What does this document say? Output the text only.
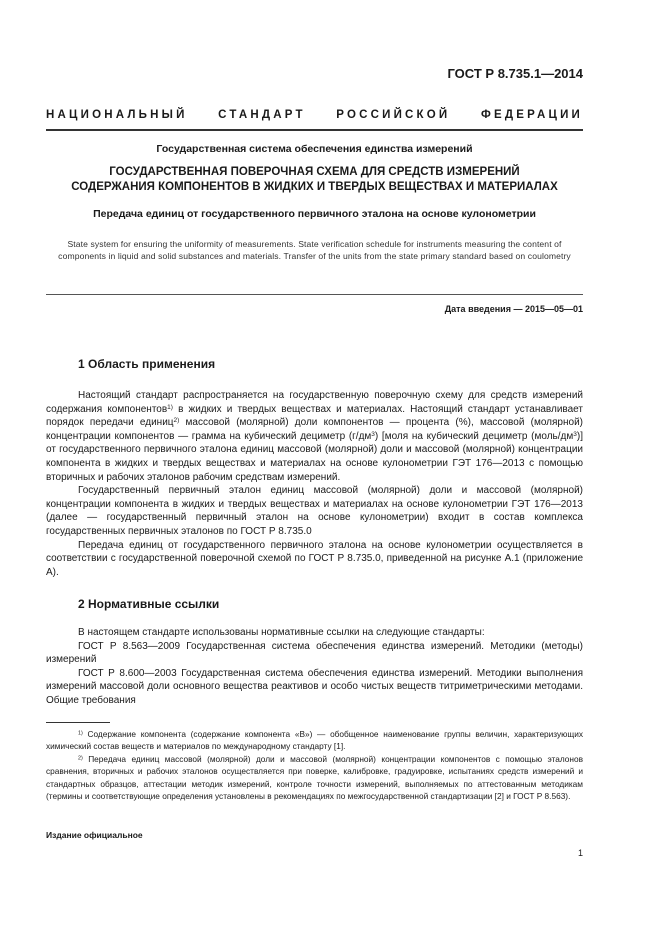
ГОСТ Р 8.735.1—2014
НАЦИОНАЛЬНЫЙ	СТАНДАРТ	РОССИЙСКОЙ	ФЕДЕРАЦИИ
Государственная система обеспечения единства измерений
ГОСУДАРСТВЕННАЯ ПОВЕРОЧНАЯ СХЕМА ДЛЯ СРЕДСТВ ИЗМЕРЕНИЙ
СОДЕРЖАНИЯ КОМПОНЕНТОВ В ЖИДКИХ И ТВЕРДЫХ ВЕЩЕСТВАХ И МАТЕРИАЛАХ
Передача единиц от государственного первичного эталона на основе кулонометрии
State system for ensuring the uniformity of measurements. State verification schedule for instruments measuring the content of components in liquid and solid substances and materials. Transfer of the units from the state primary standard based on coulometry
Дата введения — 2015—05—01
1 Область применения

Настоящий стандарт распространяется на государственную поверочную схему для средств измерений содержания компонентов$^{1)}$ в жидких и твердых веществах и материалах. Настоящий стандарт устанавливает порядок передачи единиц$^{2)}$ массовой (молярной) доли компонентов — процента (%), массовой (молярной) концентрации компонентов — грамма на кубический дециметр $(г/дм^3)$ [моля на кубический дециметр $(моль/дм^3)$] от государственного первичного эталона единиц массовой (молярной) доли и массовой (молярной) концентрации компонента в жидких и твердых веществах и материалах на основе кулонометрии ГЭТ 176—2013 с помощью вторичных и рабочих эталонов рабочим средствам измерений.

Государственный первичный эталон единиц массовой (молярной) доли и массовой (молярной) концентрации компонента в жидких и твердых веществах и материалах на основе кулонометрии ГЭТ 176—2013 (далее — государственный первичный эталон на основе кулонометрии) входит в состав комплекса государственных первичных эталонов по ГОСТ Р 8.735.0

Передача единиц от государственного первичного эталона на основе кулонометрии осуществляется в соответствии с государственной поверочной схемой по ГОСТ Р 8.735.0, приведенной на рисунке А.1 (приложение А).

2 Нормативные ссылки

В настоящем стандарте использованы нормативные ссылки на следующие стандарты:

ГОСТ Р 8.563—2009 Государственная система обеспечения единства измерений. Методики (методы) измерений

ГОСТ Р 8.600—2003 Государственная система обеспечения единства измерений. Методики выполнения измерений массовой доли основного вещества реактивов и особо чистых веществ титриметрическими методами. Общие требования

$^{1)}$ Содержание компонента (содержание компонента «B») — обобщенное наименование группы величин, характеризующих химический состав веществ и материалов по международному стандарту [1].

$^{2)}$ Передача единиц массовой (молярной) доли и массовой (молярной) концентрации компонентов с помощью эталонов сравнения, вторичных и рабочих эталонов осуществляется при поверке, калибровке, градуировке, испытаниях средств измерений и стандартных образцов, аттестации методик измерений, контроле точности измерений, выполняемых по аттестованным методикам (термины и соответствующие определения установлены в рекомендациях по межгосударственной стандартизации [2] и ГОСТ Р 8.563).

Издание официальное
1
